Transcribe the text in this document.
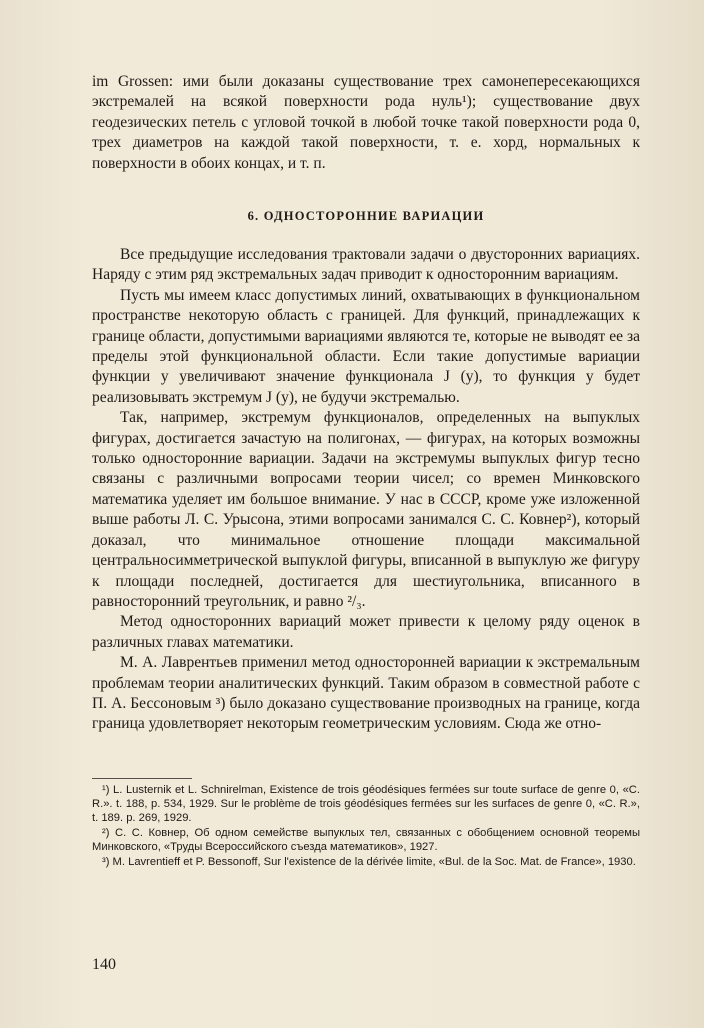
im Grossen: ими были доказаны существование трех самонепересекающихся экстремалей на всякой поверхности рода нуль¹); существование двух геодезических петель с угловой точкой в любой точке такой поверхности рода 0, трех диаметров на каждой такой поверхности, т. е. хорд, нормальных к поверхности в обоих концах, и т. п.

6. ОДНОСТОРОННИЕ ВАРИАЦИИ

Все предыдущие исследования трактовали задачи о двусторонних вариациях. Наряду с этим ряд экстремальных задач приводит к односторонним вариациям.

Пусть мы имеем класс допустимых линий, охватывающих в функциональном пространстве некоторую область с границей. Для функций, принадлежащих к границе области, допустимыми вариациями являются те, которые не выводят ее за пределы этой функциональной области. Если такие допустимые вариации функции y увеличивают значение функционала J (y), то функция y будет реализовывать экстремум J (y), не будучи экстремалью.

Так, например, экстремум функционалов, определенных на выпуклых фигурах, достигается зачастую на полигонах, — фигурах, на которых возможны только односторонние вариации. Задачи на экстремумы выпуклых фигур тесно связаны с различными вопросами теории чисел; со времен Минковского математика уделяет им большое внимание. У нас в СССР, кроме уже изложенной выше работы Л. С. Урысона, этими вопросами занимался С. С. Ковнер²), который доказал, что минимальное отношение площади максимальной центральносимметрической выпуклой фигуры, вписанной в выпуклую же фигуру к площади последней, достигается для шестиугольника, вписанного в равносторонний треугольник, и равно ²/₃.

Метод односторонних вариаций может привести к целому ряду оценок в различных главах математики.

М. А. Лаврентьев применил метод односторонней вариации к экстремальным проблемам теории аналитических функций. Таким образом в совместной работе с П. А. Бессоновым ³) было доказано существование производных на границе, когда граница удовлетворяет некоторым геометрическим условиям. Сюда же отно-

¹) L. Lusternik et L. Schnirelman, Existence de trois géodésiques fermées sur toute surface de genre 0, «C. R.». t. 188, p. 534, 1929. Sur le problème de trois géodésiques fermées sur les surfaces de genre 0, «C. R.», t. 189. p. 269, 1929.

²) С. С. Ковнер, Об одном семействе выпуклых тел, связанных с обобщением основной теоремы Минковского, «Труды Всероссийского съезда математиков», 1927.

³) M. Lavrentieff et P. Bessonoff, Sur l'existence de la dérivée limite, «Bul. de la Soc. Mat. de France», 1930.

140
